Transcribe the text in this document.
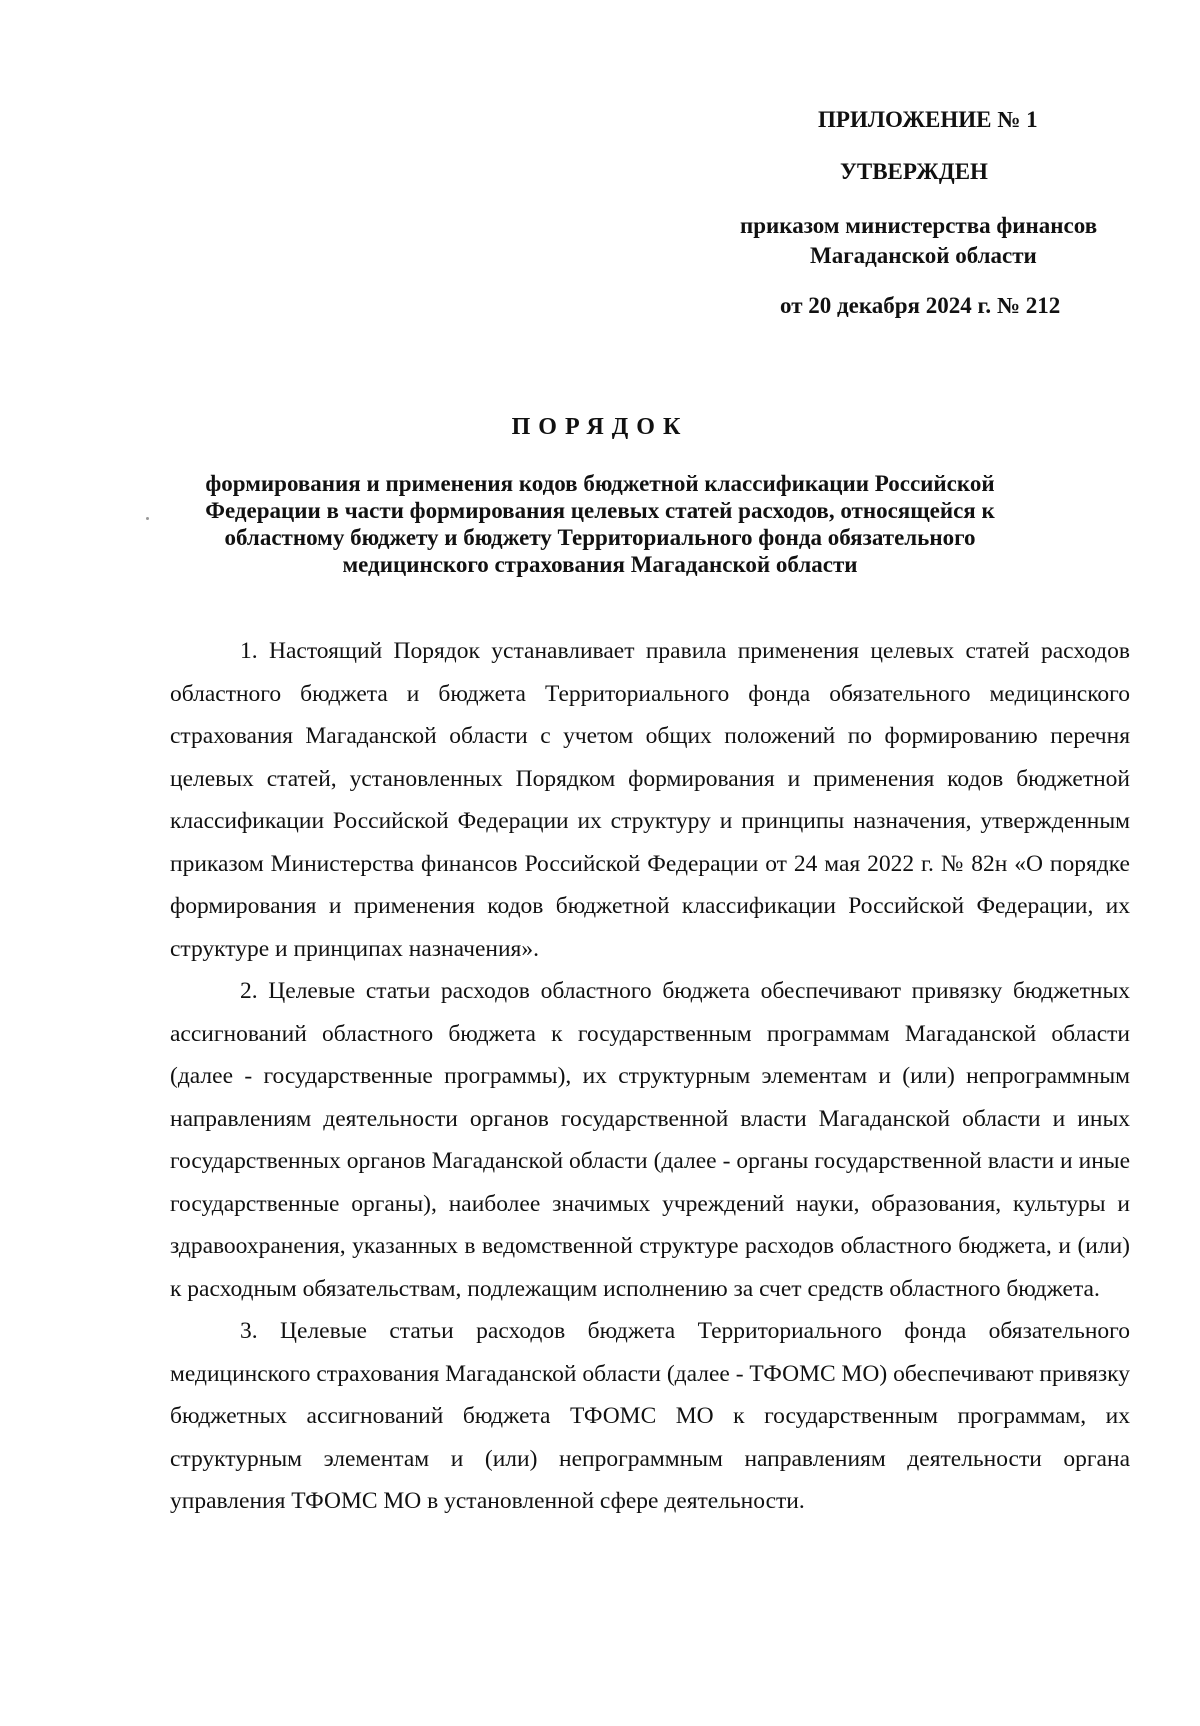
ПРИЛОЖЕНИЕ № 1
УТВЕРЖДЕН
приказом министерства финансов
Магаданской области
от 20 декабря 2024 г. № 212
ПОРЯДОК
формирования и применения кодов бюджетной классификации Российской
Федерации в части формирования целевых статей расходов, относящейся к
областному бюджету и бюджету Территориального фонда обязательного
медицинского страхования Магаданской области

1. Настоящий Порядок устанавливает правила применения целевых статей расходов областного бюджета и бюджета Территориального фонда обязательного медицинского страхования Магаданской области с учетом общих положений по формированию перечня целевых статей, установленных Порядком формирования и применения кодов бюджетной классификации Российской Федерации их структуру и принципы назначения, утвержденным приказом Министерства финансов Российской Федерации от 24 мая 2022 г. № 82н «О порядке формирования и применения кодов бюджетной классификации Российской Федерации, их структуре и принципах назначения».

2. Целевые статьи расходов областного бюджета обеспечивают привязку бюджетных ассигнований областного бюджета к государственным программам Магаданской области (далее - государственные программы), их структурным элементам и (или) непрограммным направлениям деятельности органов государственной власти Магаданской области и иных государственных органов Магаданской области (далее - органы государственной власти и иные государственные органы), наиболее значимых учреждений науки, образования, культуры и здравоохранения, указанных в ведомственной структуре расходов областного бюджета, и (или) к расходным обязательствам, подлежащим исполнению за счет средств областного бюджета.

3. Целевые статьи расходов бюджета Территориального фонда обязательного медицинского страхования Магаданской области (далее - ТФОМС МО) обеспечивают привязку бюджетных ассигнований бюджета ТФОМС МО к государственным программам, их структурным элементам и (или) непрограммным направлениям деятельности органа управления ТФОМС МО в установленной сфере деятельности.
